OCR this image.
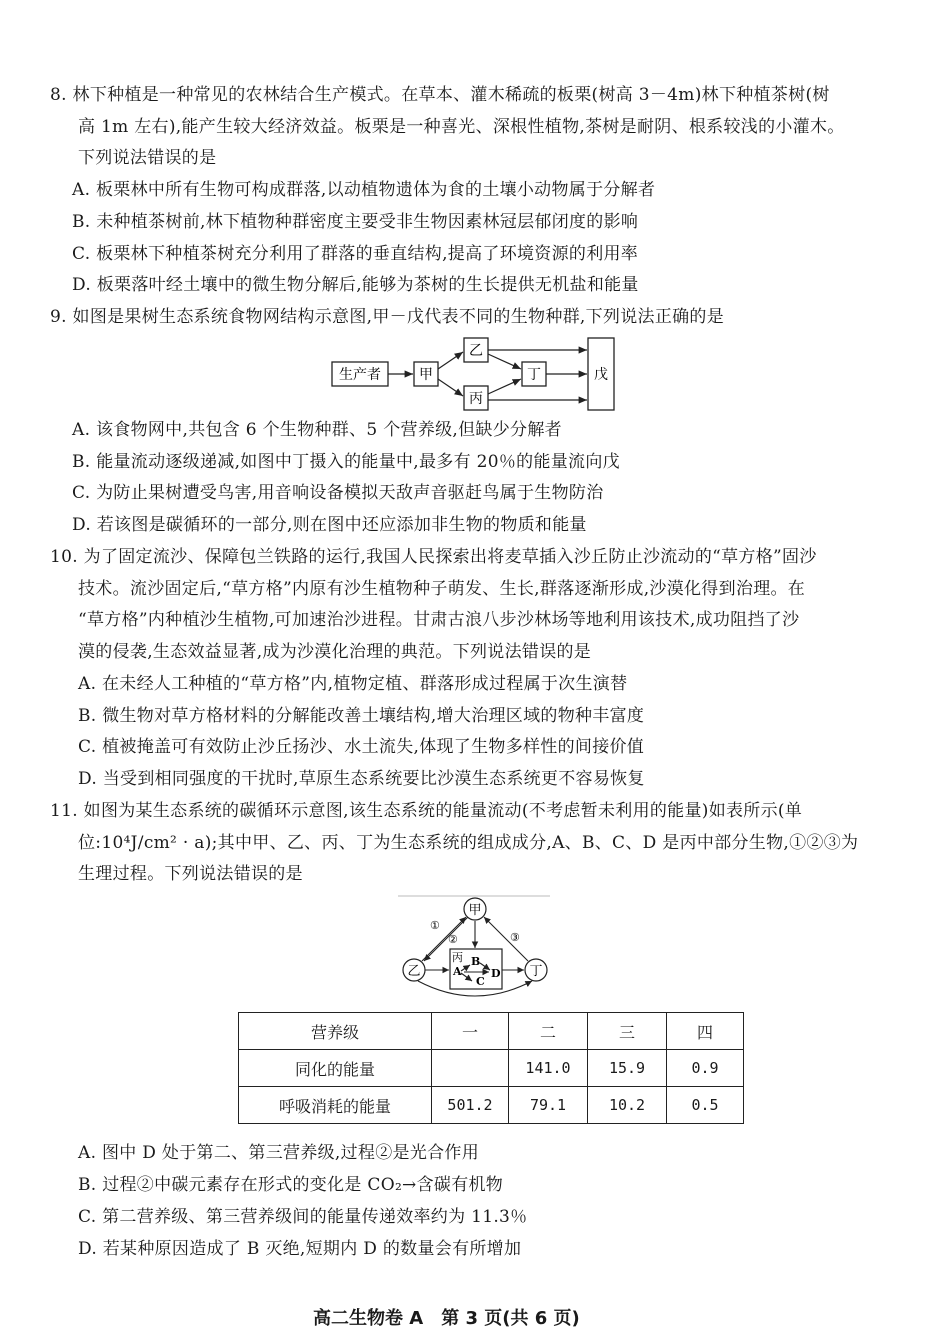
8. 林下种植是一种常见的农林结合生产模式。在草本、灌木稀疏的板栗(树高 3－4m)林下种植茶树(树
高 1m 左右),能产生较大经济效益。板栗是一种喜光、深根性植物,茶树是耐阴、根系较浅的小灌木。
下列说法错误的是
A. 板栗林中所有生物可构成群落,以动植物遗体为食的土壤小动物属于分解者
B. 未种植茶树前,林下植物种群密度主要受非生物因素林冠层郁闭度的影响
C. 板栗林下种植茶树充分利用了群落的垂直结构,提高了环境资源的利用率
D. 板栗落叶经土壤中的微生物分解后,能够为茶树的生长提供无机盐和能量
9. 如图是果树生态系统食物网结构示意图,甲－戊代表不同的生物种群,下列说法正确的是
生产者	甲
乙
丙
丁	戊
A. 该食物网中,共包含 6 个生物种群、5 个营养级,但缺少分解者
B. 能量流动逐级递减,如图中丁摄入的能量中,最多有 20％的能量流向戊
C. 为防止果树遭受鸟害,用音响设备模拟天敌声音驱赶鸟属于生物防治
D. 若该图是碳循环的一部分,则在图中还应添加非生物的物质和能量
10. 为了固定流沙、保障包兰铁路的运行,我国人民探索出将麦草插入沙丘防止沙流动的“草方格”固沙
技术。流沙固定后,“草方格”内原有沙生植物种子萌发、生长,群落逐渐形成,沙漠化得到治理。在
“草方格”内种植沙生植物,可加速治沙进程。甘肃古浪八步沙林场等地利用该技术,成功阻挡了沙
漠的侵袭,生态效益显著,成为沙漠化治理的典范。下列说法错误的是
A. 在未经人工种植的“草方格”内,植物定植、群落形成过程属于次生演替
B. 微生物对草方格材料的分解能改善土壤结构,增大治理区域的物种丰富度
C. 植被掩盖可有效防止沙丘扬沙、水土流失,体现了生物多样性的间接价值
D. 当受到相同强度的干扰时,草原生态系统要比沙漠生态系统更不容易恢复
11. 如图为某生态系统的碳循环示意图,该生态系统的能量流动(不考虑暂未利用的能量)如表所示(单
位:10⁴J/cm² · a);其中甲、乙、丙、丁为生态系统的组成成分,A、B、C、D 是丙中部分生物,①②③为
生理过程。下列说法错误的是
甲
乙	丁
丙
A
B
C
D
①
②	③
营养级	一	二	三	四
同化的能量		141.0	15.9	0.9
呼吸消耗的能量	501.2	79.1	10.2	0.5
A. 图中 D 处于第二、第三营养级,过程②是光合作用
B. 过程②中碳元素存在形式的变化是 CO₂→含碳有机物
C. 第二营养级、第三营养级间的能量传递效率约为 11.3％
D. 若某种原因造成了 B 灭绝,短期内 D 的数量会有所增加
高二生物卷 A　第 3 页(共 6 页)
